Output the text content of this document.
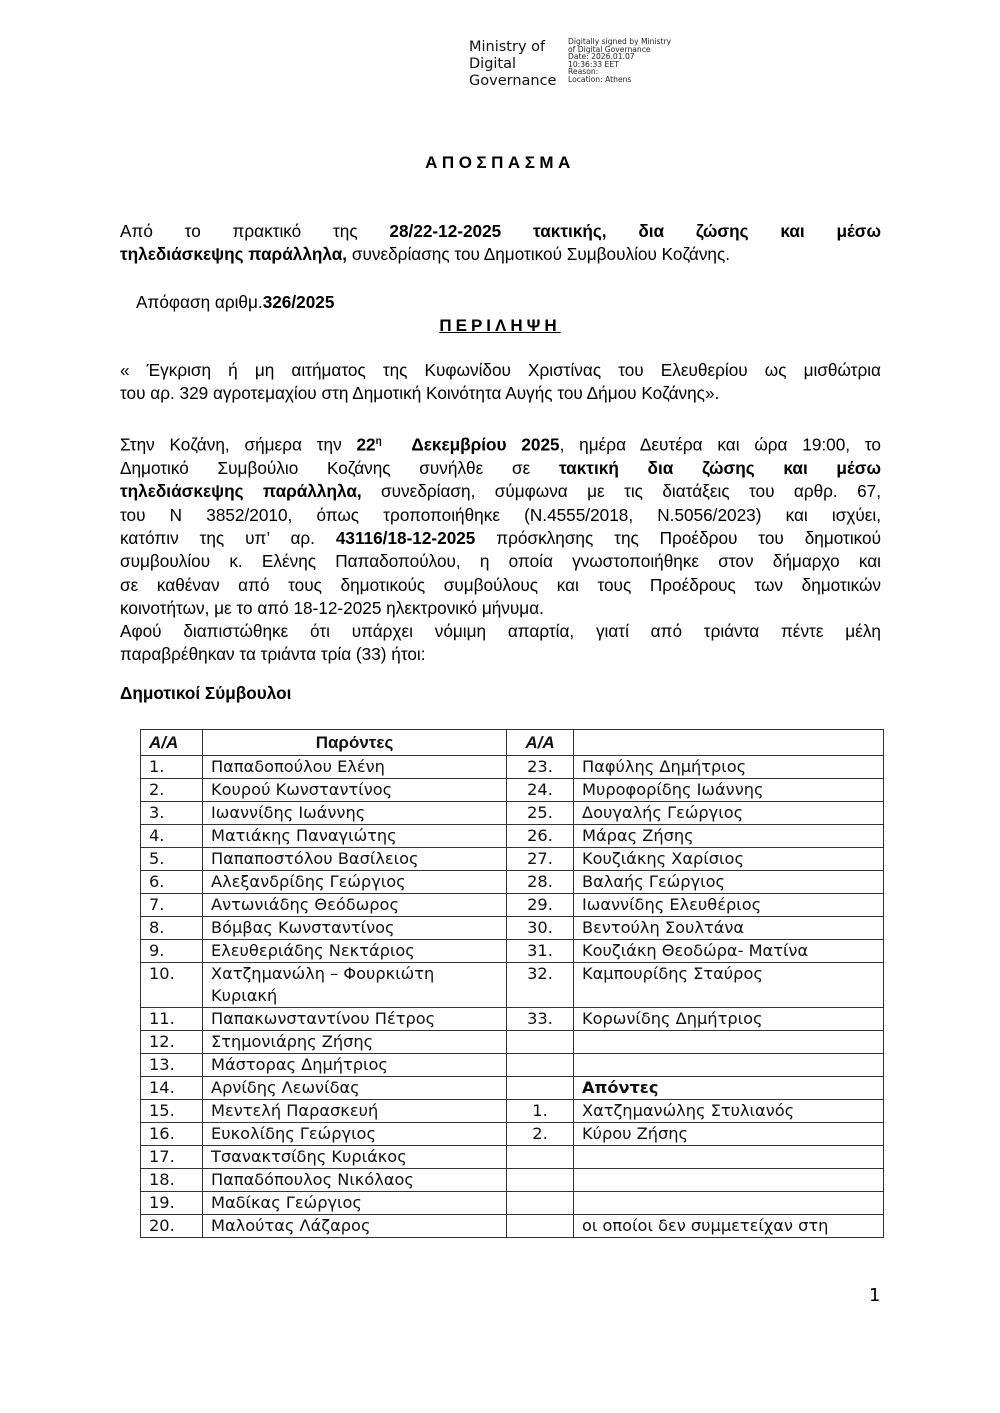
Ministry of
Digital
Governance
Digitally signed by Ministry
of Digital Governance
Date: 2026.01.07
10:36:33 EET
Reason:
Location: Athens
ΑΠΟΣΠΑΣΜΑ
Από το πρακτικό της 28/22-12-2025 τακτικής, δια ζώσης και μέσω
τηλεδιάσκεψης παράλληλα, συνεδρίασης του Δημοτικού Συμβουλίου Κοζάνης.
Απόφαση αριθμ.326/2025
ΠΕΡΙΛΗΨΗ
« Έγκριση ή μη αιτήματος της Κυφωνίδου Χριστίνας του Ελευθερίου ως μισθώτρια
του αρ. 329 αγροτεμαχίου στη Δημοτική Κοινότητα Αυγής του Δήμου Κοζάνης».
Στην Κοζάνη, σήμερα την $22^\eta$ Δεκεμβρίου 2025, ημέρα Δευτέρα και ώρα 19:00, το
Δημοτικό Συμβούλιο Κοζάνης συνήλθε σε τακτική δια ζώσης και μέσω
τηλεδιάσκεψης παράλληλα, συνεδρίαση, σύμφωνα με τις διατάξεις του αρθρ. 67,
του Ν 3852/2010, όπως τροποποιήθηκε (Ν.4555/2018, Ν.5056/2023) και ισχύει,
κατόπιν της υπ’ αρ. 43116/18-12-2025 πρόσκλησης της Προέδρου του δημοτικού
συμβουλίου κ. Ελένης Παπαδοπούλου, η οποία γνωστοποιήθηκε στον δήμαρχο και
σε καθέναν από τους δημοτικούς συμβούλους και τους Προέδρους των δημοτικών
κοινοτήτων, με το από 18-12-2025 ηλεκτρονικό μήνυμα.
Αφού διαπιστώθηκε ότι υπάρχει νόμιμη απαρτία, γιατί από τριάντα πέντε μέλη
παραβρέθηκαν τα τριάντα τρία (33) ήτοι:
Δημοτικοί Σύμβουλοι
Α/Α	Παρόντες	Α/Α	
1.	Παπαδοπούλου Ελένη	23.	Παφύλης Δημήτριος
2.	Κουρού Κωνσταντίνος	24.	Μυροφορίδης Ιωάννης
3.	Ιωαννίδης Ιωάννης	25.	Δουγαλής Γεώργιος
4.	Ματιάκης Παναγιώτης	26.	Μάρας Ζήσης
5.	Παπαποστόλου Βασίλειος	27.	Κουζιάκης Χαρίσιος
6.	Αλεξανδρίδης Γεώργιος	28.	Βαλαής Γεώργιος
7.	Αντωνιάδης Θεόδωρος	29.	Ιωαννίδης Ελευθέριος
8.	Βόμβας Κωνσταντίνος	30.	Βεντούλη Σουλτάνα
9.	Ελευθεριάδης Νεκτάριος	31.	Κουζιάκη Θεοδώρα- Ματίνα
10.	Χατζημανώλη – Φουρκιώτη Κυριακή	32.	Καμπουρίδης Σταύρος
11.	Παπακωνσταντίνου Πέτρος	33.	Κορωνίδης Δημήτριος
12.	Στημονιάρης Ζήσης		
13.	Μάστορας Δημήτριος		
14.	Αρνίδης Λεωνίδας		Απόντες
15.	Μεντελή Παρασκευή	1.	Χατζημανώλης Στυλιανός
16.	Ευκολίδης Γεώργιος	2.	Κύρου Ζήσης
17.	Τσανακτσίδης Κυριάκος		
18.	Παπαδόπουλος Νικόλαος		
19.	Μαδίκας Γεώργιος		
20.	Μαλούτας Λάζαρος		οι οποίοι δεν συμμετείχαν στη
1
